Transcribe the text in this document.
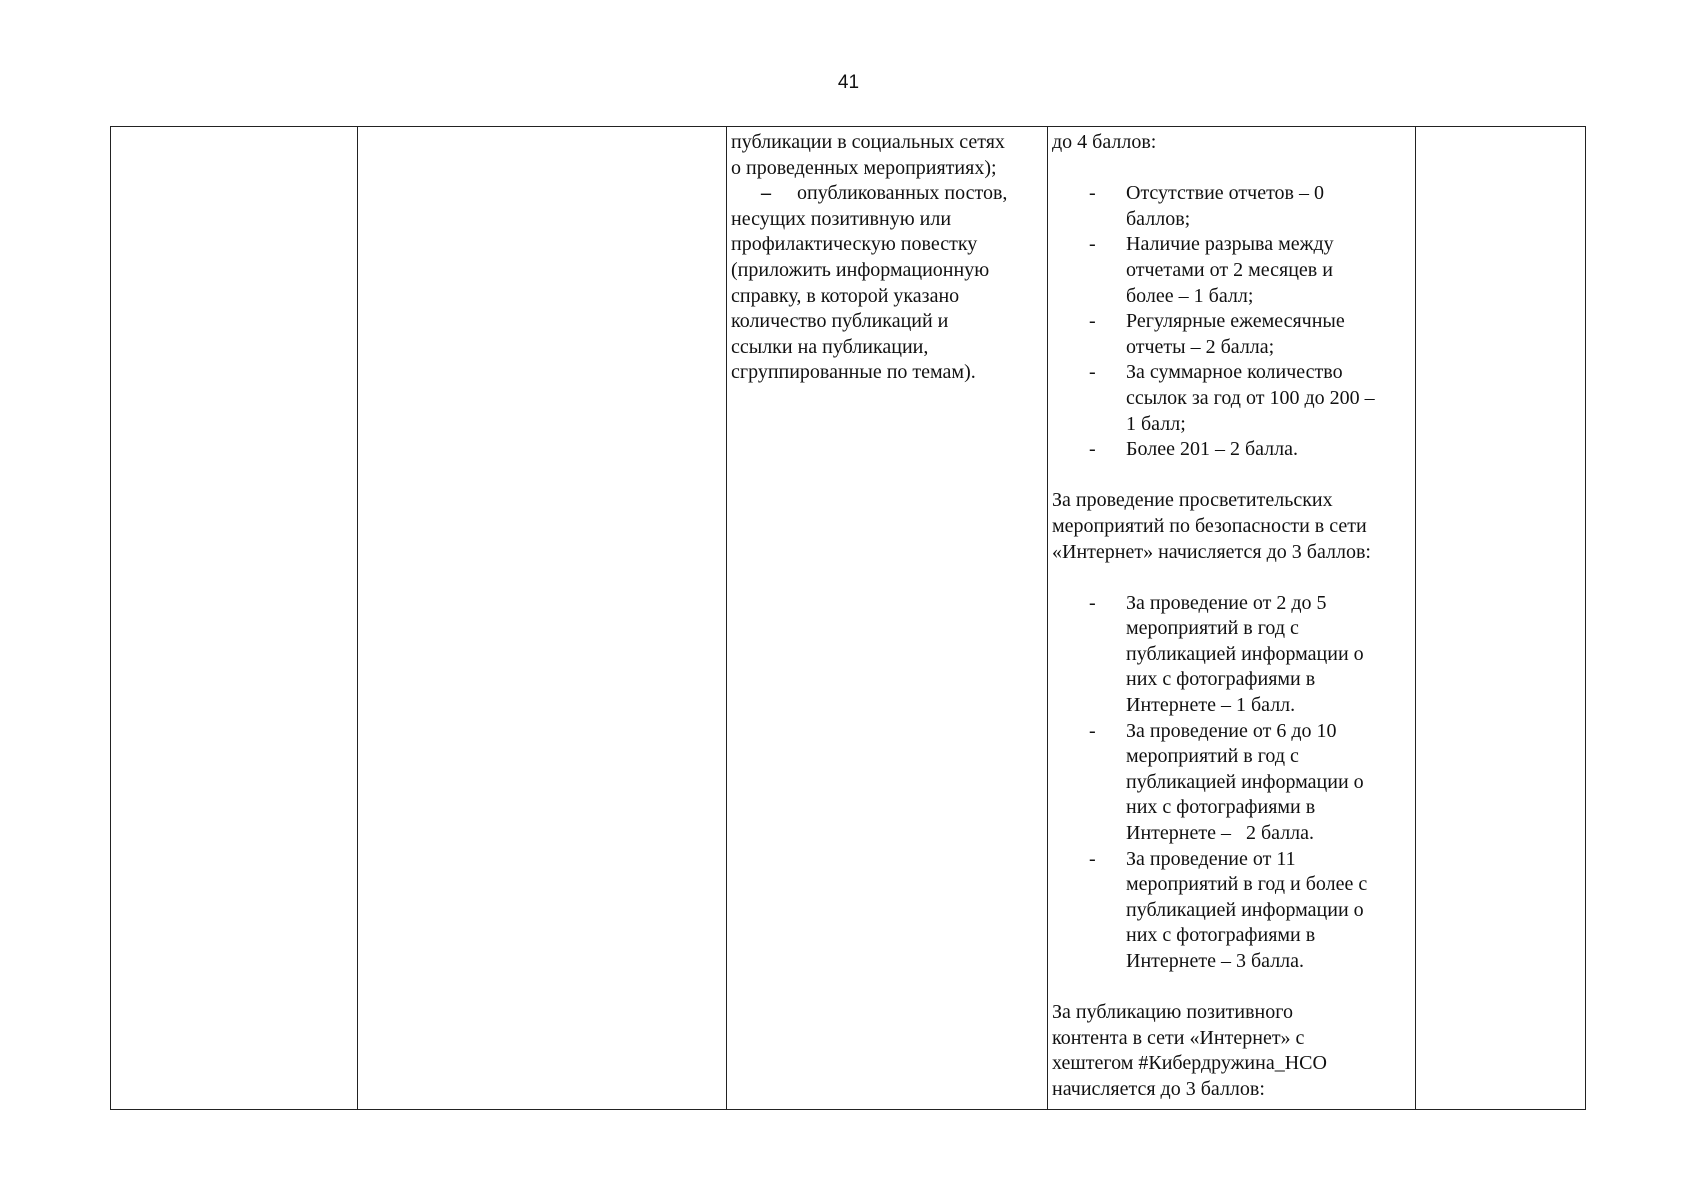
41

публикации в социальных сетях
о проведенных мероприятиях);
– опубликованных постов,
несущих позитивную или
профилактическую повестку
(приложить информационную
справку, в которой указано
количество публикаций и
ссылки на публикации,
сгруппированные по темам).

до 4 баллов:
-	Отсутствие отчетов – 0
баллов;
-	Наличие разрыва между
отчетами от 2 месяцев и
более – 1 балл;
-	Регулярные ежемесячные
отчеты – 2 балла;
-	За суммарное количество
ссылок за год от 100 до 200 –
1 балл;
-	Более 201 – 2 балла.
За проведение просветительских
мероприятий по безопасности в сети
«Интернет» начисляется до 3 баллов:
-	За проведение от 2 до 5
мероприятий в год с
публикацией информации о
них с фотографиями в
Интернете – 1 балл.
-	За проведение от 6 до 10
мероприятий в год с
публикацией информации о
них с фотографиями в
Интернете –   2 балла.
-	За проведение от 11
мероприятий в год и более с
публикацией информации о
них с фотографиями в
Интернете – 3 балла.
За публикацию позитивного
контента в сети «Интернет» с
хештегом #Кибердружина_НСО
начисляется до 3 баллов:
